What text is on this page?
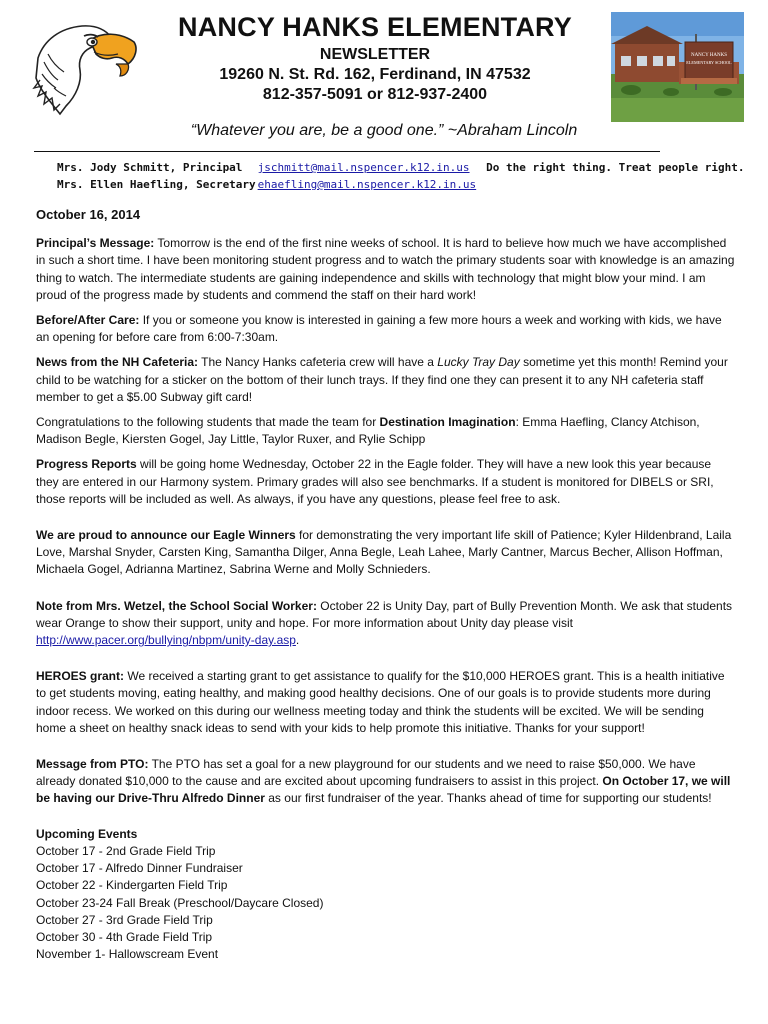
NANCY HANKS ELEMENTARY
NEWSLETTER
19260 N. St. Rd. 162, Ferdinand, IN 47532
812-357-5091 or 812-937-2400
NANCY HANKS
ELEMENTARY SCHOOL
“Whatever you are, be a good one.” ~Abraham Lincoln
Mrs. Jody Schmitt, Principal jschmitt@mail.nspencer.k12.in.us Do the right thing. Treat people right.
Mrs. Ellen Haefling, Secretary ehaefling@mail.nspencer.k12.in.us
October 16, 2014

Principal’s Message: Tomorrow is the end of the first nine weeks of school. It is hard to believe how much we have accomplished in such a short time. I have been monitoring student progress and to watch the primary students soar with knowledge is an amazing thing to watch. The intermediate students are gaining independence and skills with technology that might blow your mind. I am proud of the progress made by students and commend the staff on their hard work!

Before/After Care: If you or someone you know is interested in gaining a few more hours a week and working with kids, we have an opening for before care from 6:00-7:30am.

News from the NH Cafeteria: The Nancy Hanks cafeteria crew will have a Lucky Tray Day sometime yet this month! Remind your child to be watching for a sticker on the bottom of their lunch trays. If they find one they can present it to any NH cafeteria staff member to get a $5.00 Subway gift card!

Congratulations to the following students that made the team for Destination Imagination: Emma Haefling, Clancy Atchison, Madison Begle, Kiersten Gogel, Jay Little, Taylor Ruxer, and Rylie Schipp

Progress Reports will be going home Wednesday, October 22 in the Eagle folder. They will have a new look this year because they are entered in our Harmony system. Primary grades will also see benchmarks. If a student is monitored for DIBELS or SRI, those reports will be included as well. As always, if you have any questions, please feel free to ask.

We are proud to announce our Eagle Winners for demonstrating the very important life skill of Patience; Kyler Hildenbrand, Laila Love, Marshal Snyder, Carsten King, Samantha Dilger, Anna Begle, Leah Lahee, Marly Cantner, Marcus Becher, Allison Hoffman, Michaela Gogel, Adrianna Martinez, Sabrina Werne and Molly Schnieders.

Note from Mrs. Wetzel, the School Social Worker: October 22 is Unity Day, part of Bully Prevention Month. We ask that students wear Orange to show their support, unity and hope. For more information about Unity day please visit http://www.pacer.org/bullying/nbpm/unity-day.asp.

HEROES grant: We received a starting grant to get assistance to qualify for the $10,000 HEROES grant. This is a health initiative to get students moving, eating healthy, and making good healthy decisions. One of our goals is to provide students more during indoor recess. We worked on this during our wellness meeting today and think the students will be excited. We will be sending home a sheet on healthy snack ideas to send with your kids to help promote this initiative. Thanks for your support!

Message from PTO: The PTO has set a goal for a new playground for our students and we need to raise $50,000. We have already donated $10,000 to the cause and are excited about upcoming fundraisers to assist in this project. On October 17, we will be having our Drive-Thru Alfredo Dinner as our first fundraiser of the year. Thanks ahead of time for supporting our students!

Upcoming Events
October 17 - 2nd Grade Field Trip
October 17 - Alfredo Dinner Fundraiser
October 22 - Kindergarten Field Trip
October 23-24 Fall Break (Preschool/Daycare Closed)
October 27 - 3rd Grade Field Trip
October 30 - 4th Grade Field Trip
November 1- Hallowscream Event
